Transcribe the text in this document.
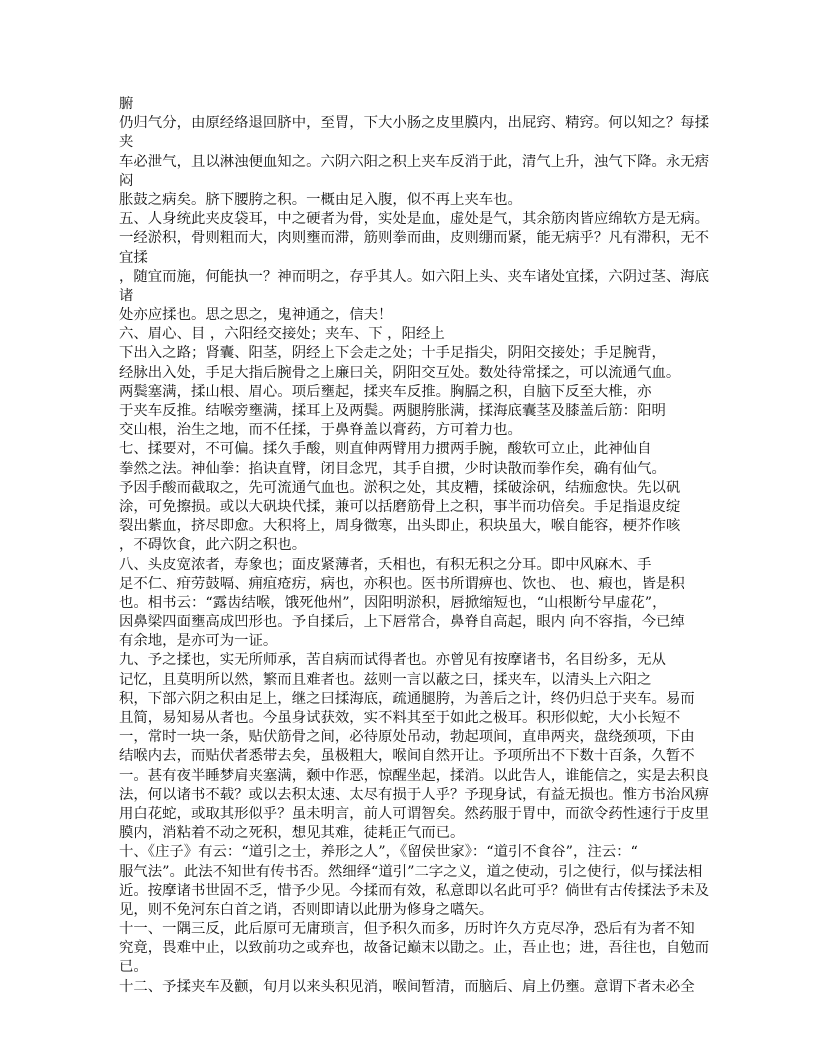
腑
仍归气分，由原经络退回脐中，至胃，下大小肠之皮里膜内，出屁窍、精窍。何以知之？每揉
夹
车必泄气，且以淋浊便血知之。六阴六阳之积上夹车反消于此，清气上升，浊气下降。永无痞
闷
胀鼓之病矣。脐下腰胯之积。一概由足入腹，似不再上夹车也。
五、人身统此夹皮袋耳，中之硬者为骨，实处是血，虚处是气，其余筋肉皆应绵软方是无病。
一经淤积，骨则粗而大，肉则壅而滞，筋则拳而曲，皮则绷而紧，能无病乎？凡有滞积，无不
宜揉
，随宜而施，何能执一？神而明之，存乎其人。如六阳上头、夹车诸处宜揉，六阴过茎、海底
诸
处亦应揉也。思之思之，鬼神通之，信夫！
六、眉心、目 ，六阳经交接处；夹车、下 ，阳经上
下出入之路；肾囊、阳茎，阴经上下会走之处；十手足指尖，阴阳交接处；手足腕背，
经脉出入处，手足大指后腕骨之上廉曰关，阴阳交互处。数处待常揉之，可以流通气血。
两鬓塞满，揉山根、眉心。项后壅起，揉夹车反推。胸膈之积，自脑下反至大椎，亦
于夹车反推。结喉旁壅满，揉耳上及两鬓。两腿胯胀满，揉海底囊茎及膝盖后筋：阳明
交山根，治生之地，而不任揉，于鼻脊盖以膏药，方可着力也。
七、揉要对，不可偏。揉久手酸，则直伸两臂用力掼两手腕，酸软可立止，此神仙自
拳然之法。神仙拳：掐诀直臂，闭目念咒，其手自掼，少时诀散而拳作矣，确有仙气。
予因手酸而截取之，先可流通气血也。淤积之处，其皮糟，揉破涂矾，结痂愈快。先以矾
涂，可免擦损。或以大矾块代揉，兼可以括磨筋骨上之积，事半而功倍矣。手足指退皮绽
裂出紫血，挤尽即愈。大积将上，周身微寒，出头即止，积块虽大，喉自能容，梗芥作咳
，不碍饮食，此六阴之积也。
八、头皮宽浓者，寿象也；面皮紧薄者，夭相也，有积无积之分耳。即中风麻木、手
足不仁、疳劳鼓嗝、痈疽疮疠，病也，亦积也。医书所谓痹也、饮也、 也、瘕也，皆是积
也。相书云：“露齿结喉，饿死他州”，因阳明淤积，唇掀缩短也，“山根断兮早虚花”，
因鼻梁四面壅高成凹形也。予自揉后，上下唇常合，鼻脊自高起，眼内 向不容指，今已绰
有余地，是亦可为一证。
九、予之揉也，实无所师承，苦自病而试得者也。亦曾见有按摩诸书，名目纷多，无从
记忆，且莫明所以然，繁而且难者也。兹则一言以蔽之曰，揉夹车，以清头上六阳之
积，下部六阴之积由足上，继之曰揉海底，疏通腿胯，为善后之计，终仍归总于夹车。易而
且简，易知易从者也。今虽身试获效，实不料其至于如此之极耳。积形似蛇，大小长短不
一，常时一块一条，贴伏筋骨之间，必待原处吊动，勃起项间，直串两夹，盘绕颈项，下由
结喉内去，而贴伏者悉带去矣，虽极粗大，喉间自然开让。予项所出不下数十百条，久暂不
一。甚有夜半睡梦肩夹塞满，颡中作恶，惊醒坐起，揉消。以此告人，谁能信之，实是去积良
法，何以诸书不载？或以去积太速、太尽有损于人乎？予现身试，有益无损也。惟方书治风痹
用白花蛇，或取其形似乎？虽未明言，前人可谓智矣。然药服于胃中，而欲令药性速行于皮里
膜内，消粘着不动之死积，想见其难，徒耗正气而已。
十、《庄子》有云：“道引之士，养形之人”，《留侯世家》：“道引不食谷”，注云：“
服气法”。此法不知世有传书否。然细绎“道引”二字之义，道之使动，引之使行，似与揉法相
近。按摩诸书世固不乏，惜予少见。今揉而有效，私意即以名此可乎？倘世有古传揉法予未及
见，则不免河东白首之诮，否则即请以此册为修身之嚆矢。
十一、一隅三反，此后原可无庸琐言，但予积久而多，历时许久方克尽净，恐后有为者不知
究竟，畏难中止，以致前功之或弃也，故备记巅末以勖之。止，吾止也；进，吾往也，自勉而
已。
十二、予揉夹车及颧，旬月以来头积见消，喉间暂清，而脑后、肩上仍壅。意谓下者未必全
